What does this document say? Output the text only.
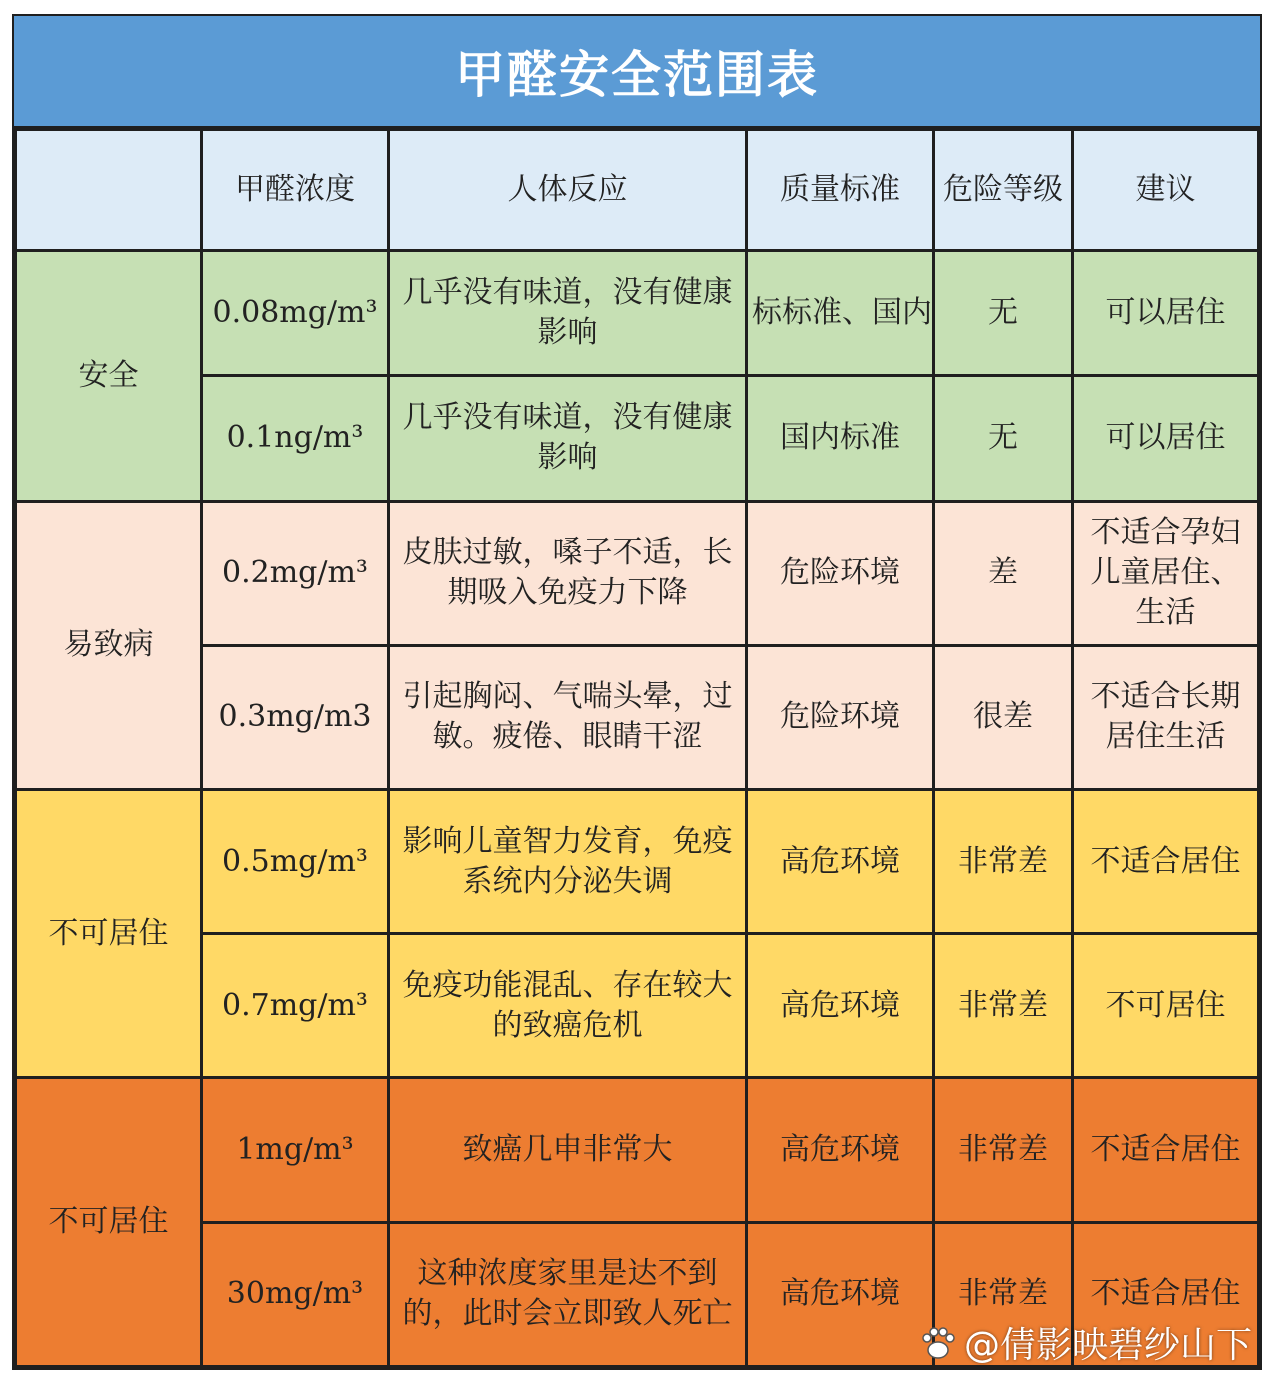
甲醛安全范围表
	甲醛浓度	人体反应	质量标准	危险等级	建议
安全	0.08mg/m³	几乎没有味道，没有健康影响	标标准、国内	无	可以居住
	0.1ng/m³	几乎没有味道，没有健康影响	国内标准	无	可以居住
易致病	0.2mg/m³	皮肤过敏，嗓子不适，长期吸入免疫力下降	危险环境	差	不适合孕妇儿童居住、生活
	0.3mg/m3	引起胸闷、气喘头晕，过敏。疲倦、眼睛干涩	危险环境	很差	不适合长期居住生活
不可居住	0.5mg/m³	影响儿童智力发育，免疫系统内分泌失调	高危环境	非常差	不适合居住
	0.7mg/m³	免疫功能混乱、存在较大的致癌危机	高危环境	非常差	不可居住
不可居住	1mg/m³	致癌几申非常大	高危环境	非常差	不适合居住
	30mg/m³	这种浓度家里是达不到的，此时会立即致人死亡	高危环境	非常差	不适合居住
@倩影映碧纱山下
